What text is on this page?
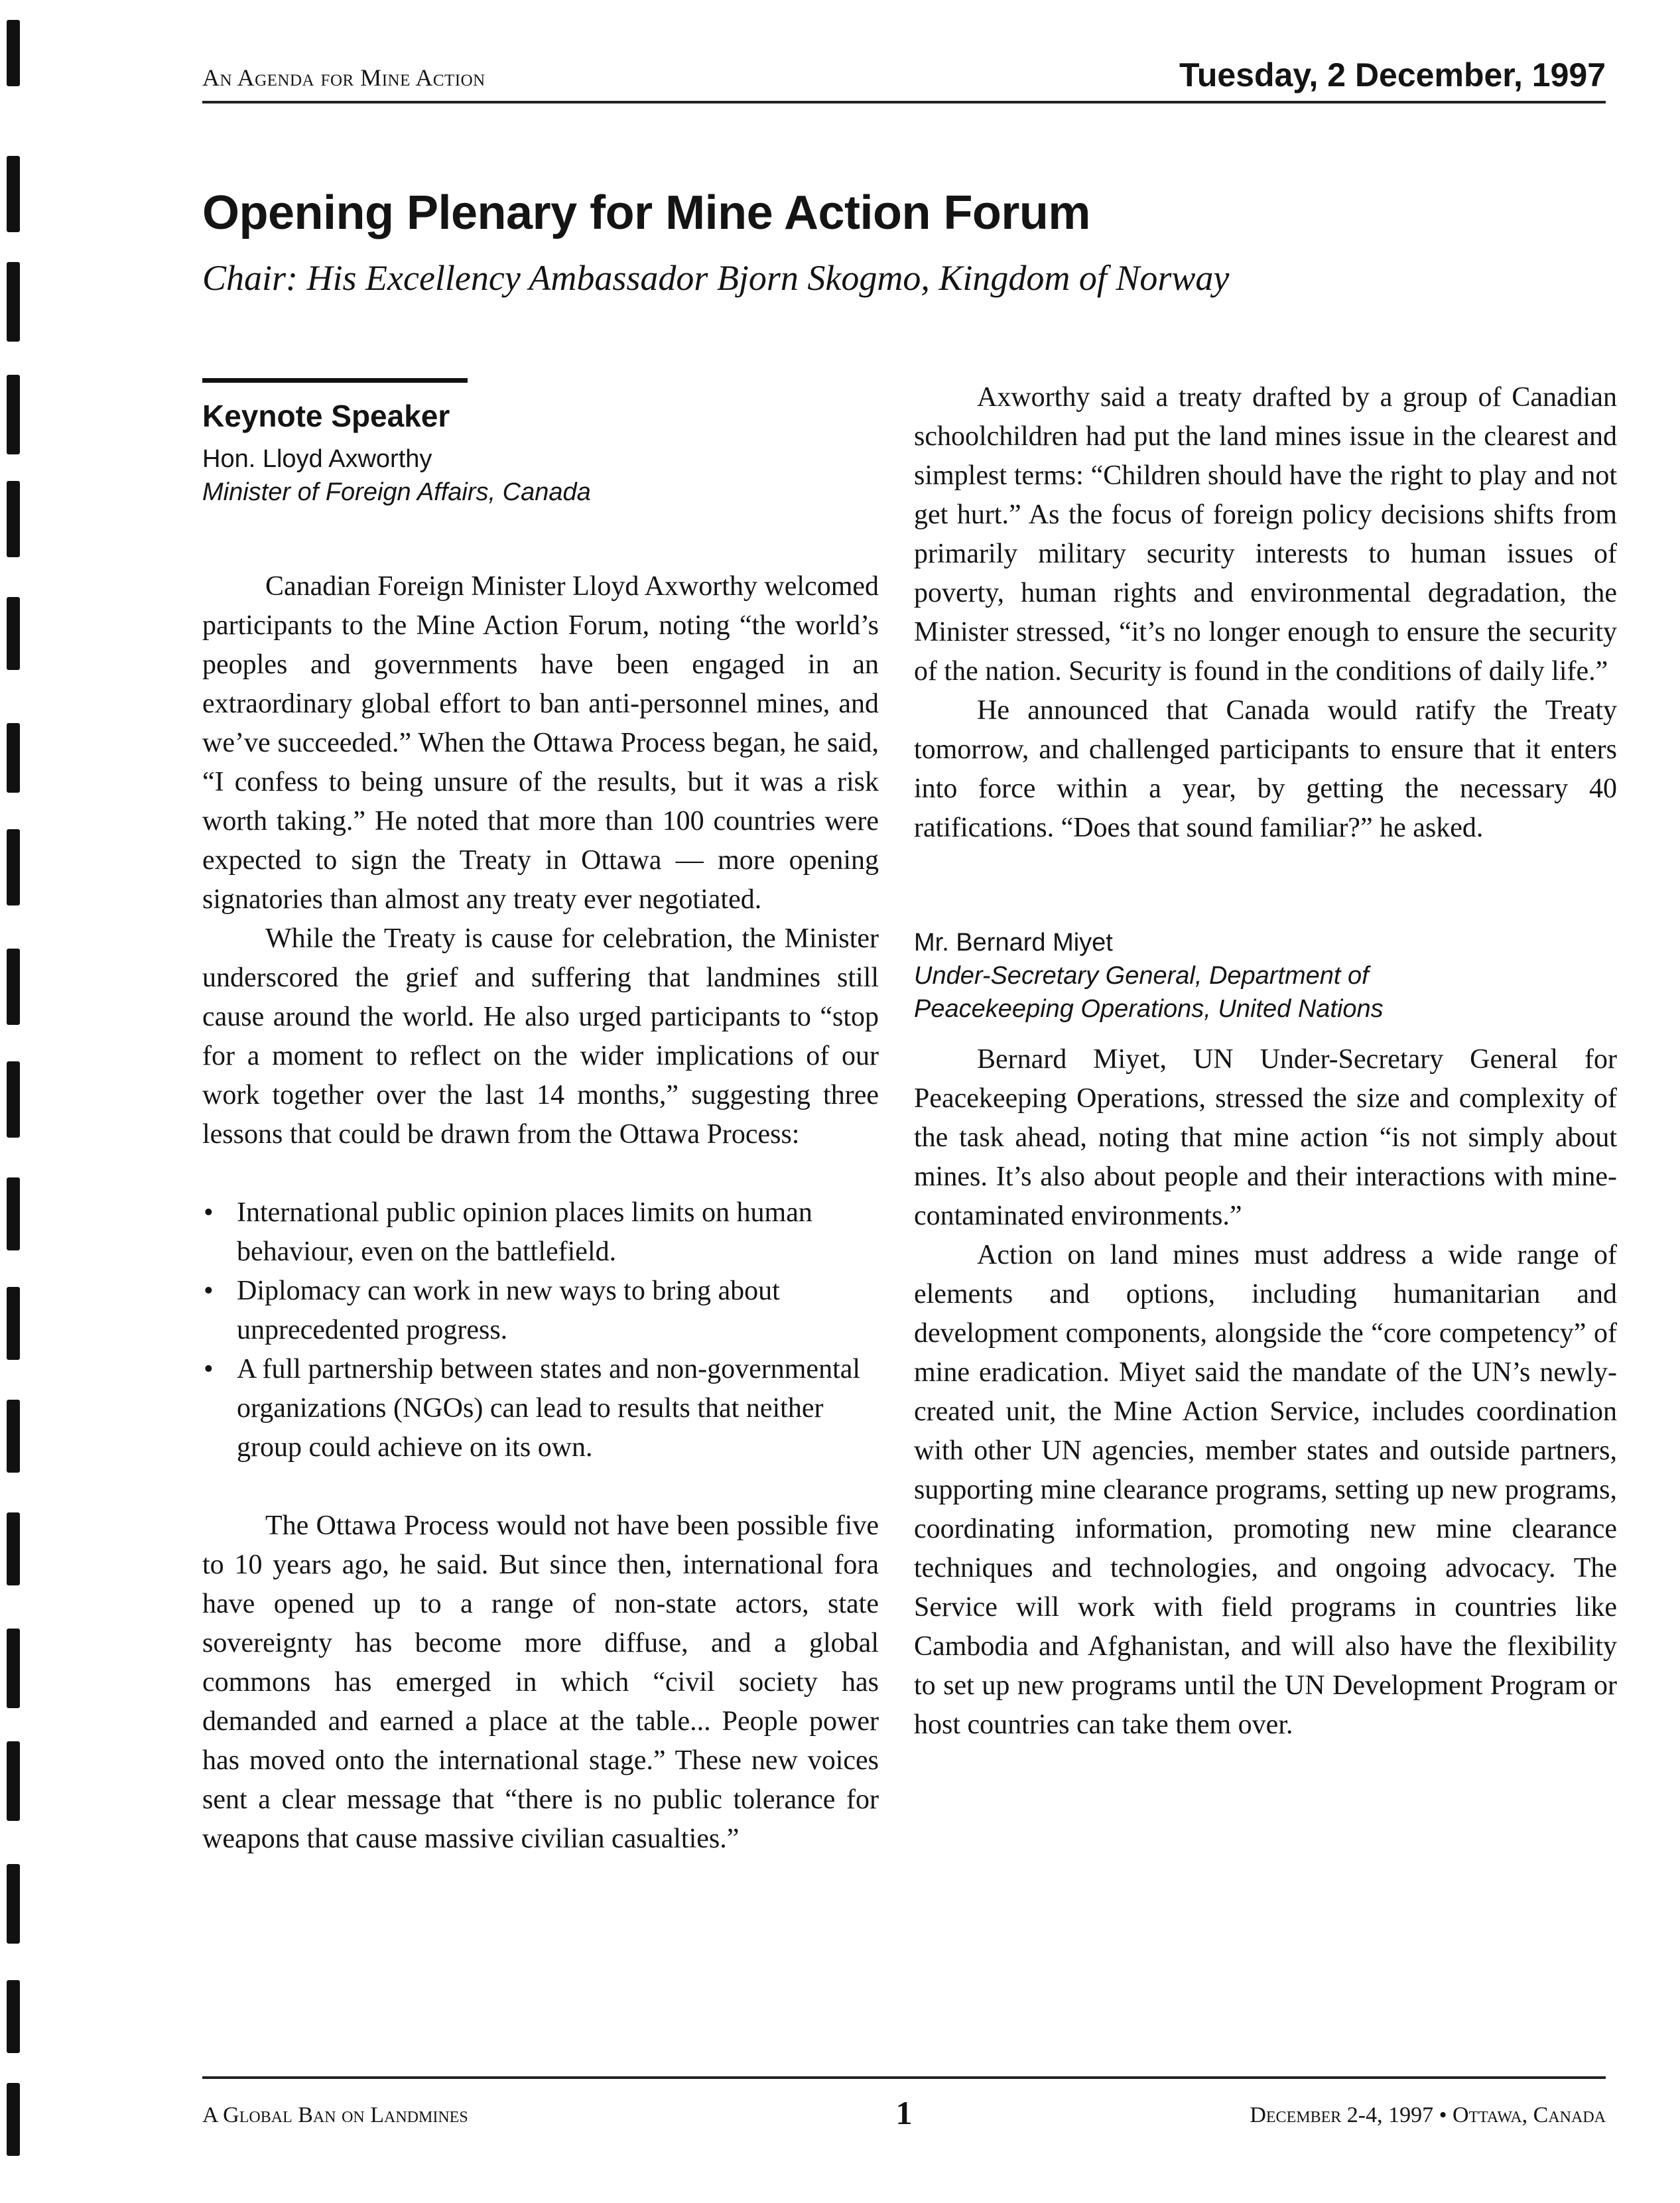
An Agenda for Mine Action	Tuesday, 2 December, 1997
Opening Plenary for Mine Action Forum

Chair: His Excellency Ambassador Bjorn Skogmo, Kingdom of Norway

Keynote Speaker

Hon. Lloyd Axworthy

Minister of Foreign Affairs, Canada

Canadian Foreign Minister Lloyd Axworthy welcomed participants to the Mine Action Forum, noting “the world’s peoples and governments have been engaged in an extraordinary global effort to ban anti-personnel mines, and we’ve succeeded.” When the Ottawa Process began, he said, “I confess to being unsure of the results, but it was a risk worth taking.” He noted that more than 100 countries were expected to sign the Treaty in Ottawa — more opening signatories than almost any treaty ever negotiated.

While the Treaty is cause for celebration, the Minister underscored the grief and suffering that landmines still cause around the world. He also urged participants to “stop for a moment to reflect on the wider implications of our work together over the last 14 months,” suggesting three lessons that could be drawn from the Ottawa Process:

• International public opinion places limits on human behaviour, even on the battlefield.
• Diplomacy can work in new ways to bring about unprecedented progress.
• A full partnership between states and non-governmental organizations (NGOs) can lead to results that neither group could achieve on its own.

The Ottawa Process would not have been possible five to 10 years ago, he said. But since then, international fora have opened up to a range of non-state actors, state sovereignty has become more diffuse, and a global commons has emerged in which “civil society has demanded and earned a place at the table... People power has moved onto the international stage.” These new voices sent a clear message that “there is no public tolerance for weapons that cause massive civilian casualties.”

Axworthy said a treaty drafted by a group of Canadian schoolchildren had put the land mines issue in the clearest and simplest terms: “Children should have the right to play and not get hurt.” As the focus of foreign policy decisions shifts from primarily military security interests to human issues of poverty, human rights and environmental degradation, the Minister stressed, “it’s no longer enough to ensure the security of the nation. Security is found in the conditions of daily life.”

He announced that Canada would ratify the Treaty tomorrow, and challenged participants to ensure that it enters into force within a year, by getting the necessary 40 ratifications. “Does that sound familiar?” he asked.

Mr. Bernard Miyet

Under-Secretary General, Department of

Peacekeeping Operations, United Nations

Bernard Miyet, UN Under-Secretary General for Peacekeeping Operations, stressed the size and complexity of the task ahead, noting that mine action “is not simply about mines. It’s also about people and their interactions with mine-contaminated environments.”

Action on land mines must address a wide range of elements and options, including humanitarian and development components, alongside the “core competency” of mine eradication. Miyet said the mandate of the UN’s newly-created unit, the Mine Action Service, includes coordination with other UN agencies, member states and outside partners, supporting mine clearance programs, setting up new programs, coordinating information, promoting new mine clearance techniques and technologies, and ongoing advocacy. The Service will work with field programs in countries like Cambodia and Afghanistan, and will also have the flexibility to set up new programs until the UN Development Program or host countries can take them over.

A Global Ban on Landmines	1	December 2-4, 1997 • Ottawa, Canada
